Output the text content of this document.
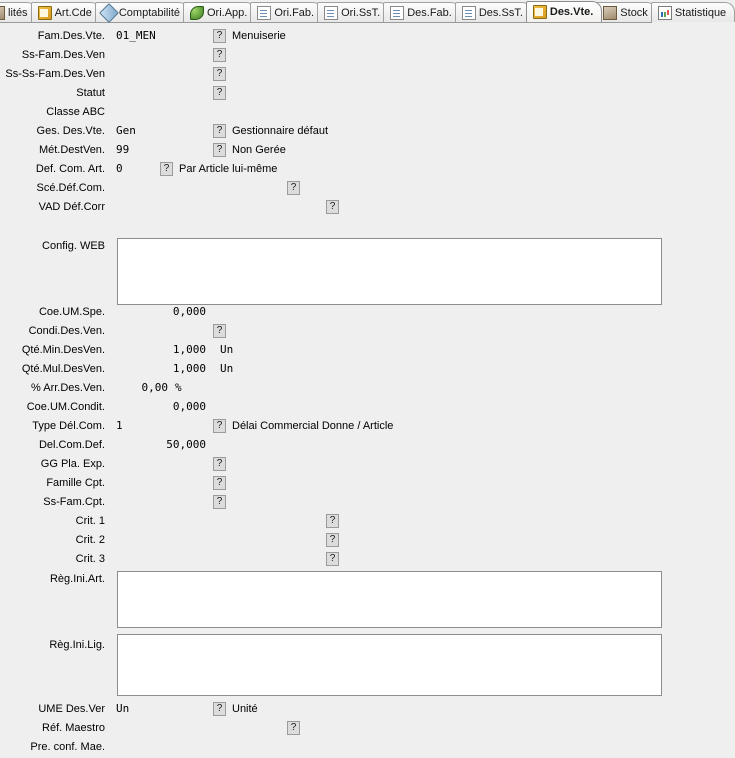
lités Art.Cde Comptabilité Ori.App. Ori.Fab. Ori.SsT. Des.Fab. Des.SsT. Des.Vte. Stock Statistique
Fam.Des.Vte.	01_MEN	? Menuiserie
Ss-Fam.Des.Ven	?
Ss-Ss-Fam.Des.Ven	?
Statut	?
Classe ABC
Ges. Des.Vte.	Gen	? Gestionnaire défaut
Mét.DestVen.	99	? Non Gerée
Def. Com. Art.	0	? Par Article lui-même
Scé.Déf.Com.	?
VAD Déf.Corr	?
Config. WEB
Coe.UM.Spe.	0,000
Condi.Des.Ven.	?
Qté.Min.DesVen.	1,000 Un
Qté.Mul.DesVen.	1,000 Un
% Arr.Des.Ven.	0,00 %
Coe.UM.Condit.	0,000
Type Dél.Com.	1	? Délai Commercial Donne / Article
Del.Com.Def.	50,000
GG Pla. Exp.	?
Famille Cpt.	?
Ss-Fam.Cpt.	?
Crit. 1	?
Crit. 2	?
Crit. 3	?
Règ.Ini.Art.
Règ.Ini.Lig.
UME Des.Ver	Un	? Unité
Réf. Maestro	?
Pre. conf. Mae.
